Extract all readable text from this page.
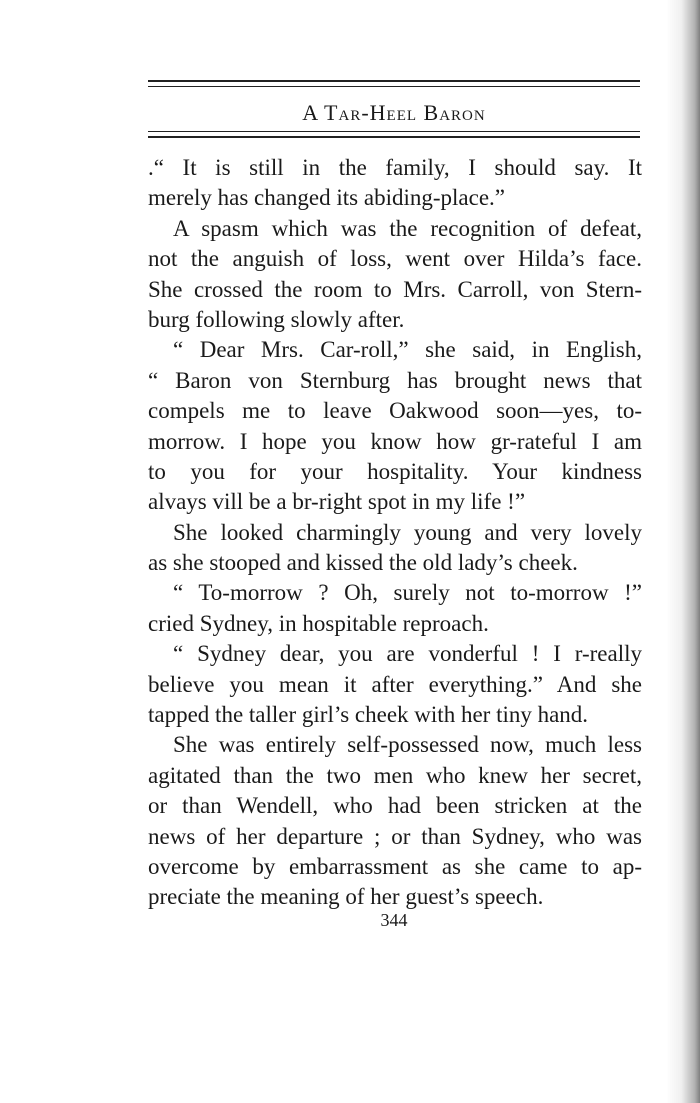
A Tar-Heel Baron
.“ It is still in the family, I should say. It
merely has changed its abiding-place.”
A spasm which was the recognition of defeat,
not the anguish of loss, went over Hilda’s face.
She crossed the room to Mrs. Carroll, von Stern-
burg following slowly after.
“ Dear Mrs. Car-roll,” she said, in English,
“ Baron von Sternburg has brought news that
compels me to leave Oakwood soon—yes, to-
morrow. I hope you know how gr-rateful I am
to you for your hospitality. Your kindness
alvays vill be a br-right spot in my life !”
She looked charmingly young and very lovely
as she stooped and kissed the old lady’s cheek.
“ To-morrow ? Oh, surely not to-morrow !”
cried Sydney, in hospitable reproach.
“ Sydney dear, you are vonderful ! I r-really
believe you mean it after everything.” And she
tapped the taller girl’s cheek with her tiny hand.
She was entirely self-possessed now, much less
agitated than the two men who knew her secret,
or than Wendell, who had been stricken at the
news of her departure ; or than Sydney, who was
overcome by embarrassment as she came to ap-
preciate the meaning of her guest’s speech.
344
